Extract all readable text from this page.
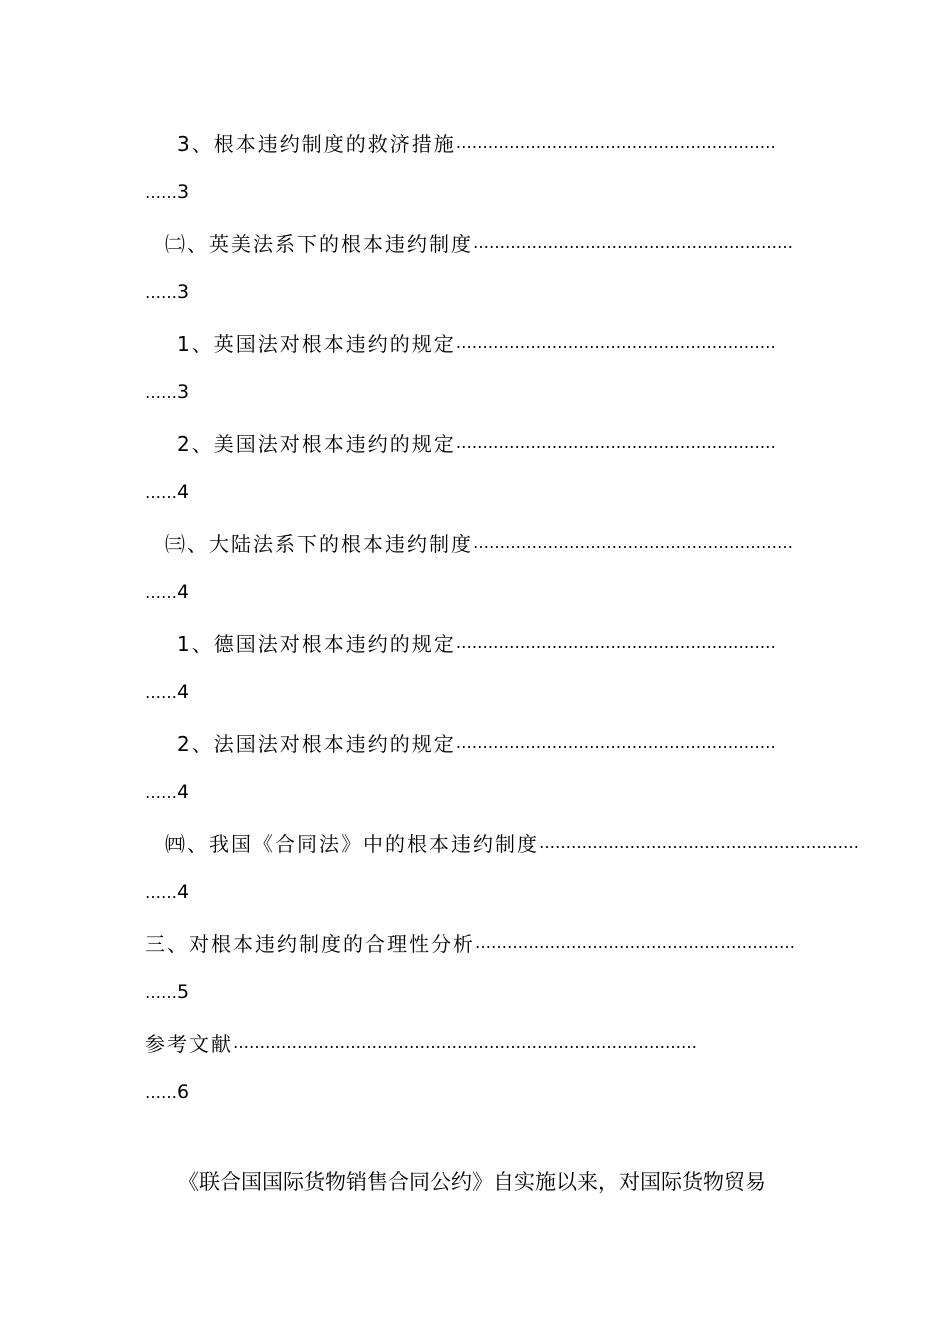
3、根本违约制度的救济措施 ……………………………………………………
…… 3
㈡、英美法系下的根本违约制度 ……………………………………………………
…… 3
1、英国法对根本违约的规定 ……………………………………………………
…… 3
2、美国法对根本违约的规定 ……………………………………………………
…… 4
㈢、大陆法系下的根本违约制度 ……………………………………………………
…… 4
1、德国法对根本违约的规定 ……………………………………………………
…… 4
2、法国法对根本违约的规定 ……………………………………………………
…… 4
㈣、我国《合同法》中的根本违约制度 ……………………………………………………
…… 4
三、对根本违约制度的合理性分析 ……………………………………………………
…… 5
参考文献 ……………………………………………………………………………
…… 6
《联合国国际货物销售合同公约》自实施以来，对国际货物贸易
